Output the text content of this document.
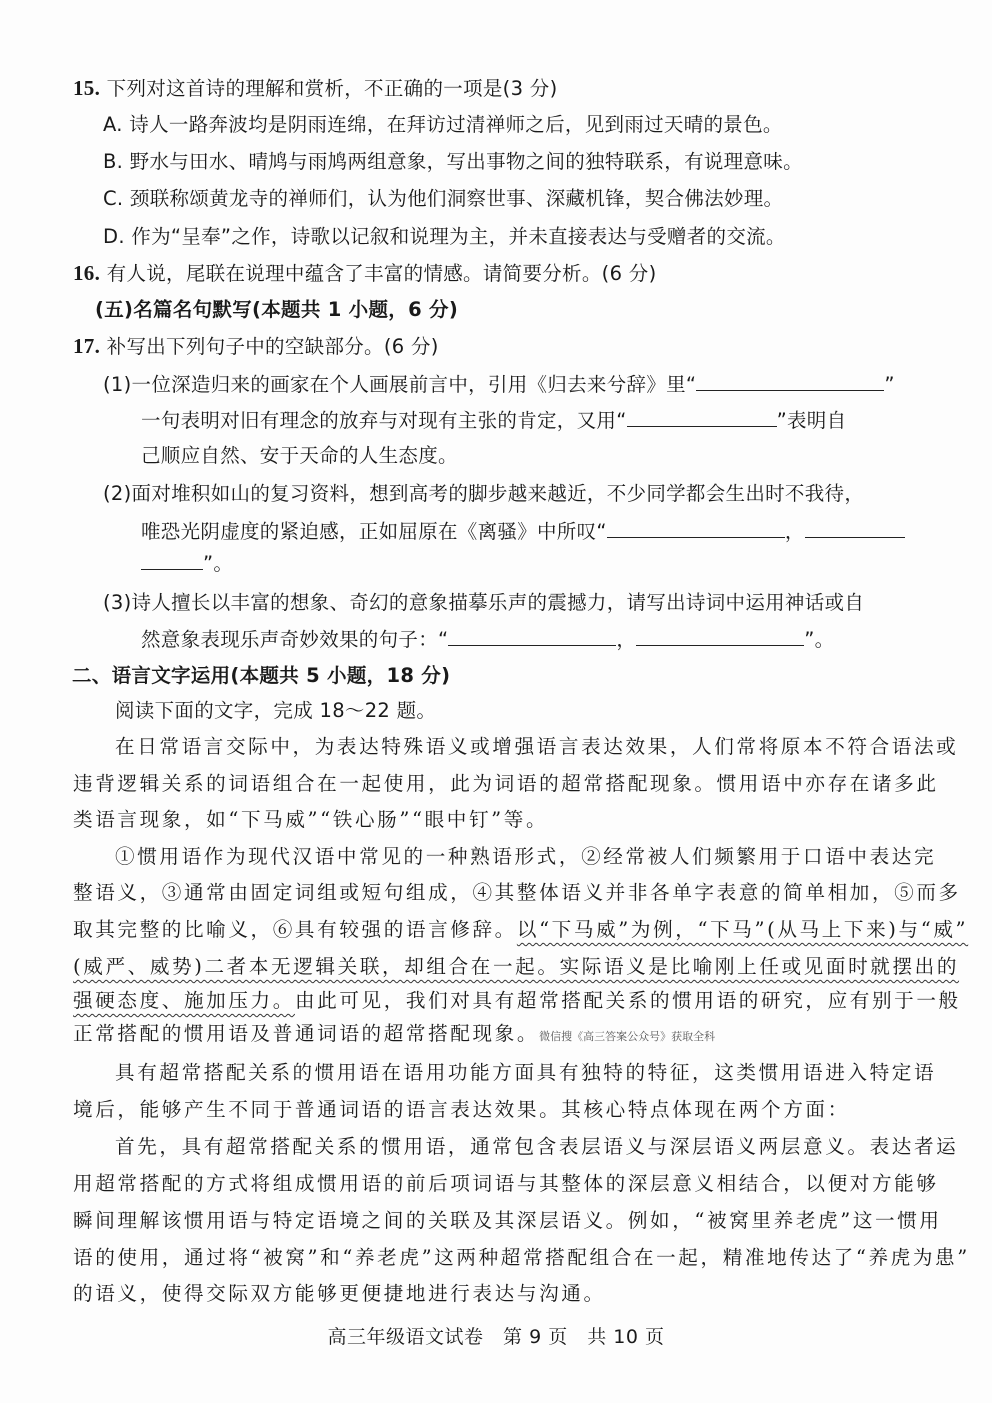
15. 下列对这首诗的理解和赏析，不正确的一项是(3 分)
A. 诗人一路奔波均是阴雨连绵，在拜访过清禅师之后，见到雨过天晴的景色。
B. 野水与田水、晴鸠与雨鸠两组意象，写出事物之间的独特联系，有说理意味。
C. 颈联称颂黄龙寺的禅师们，认为他们洞察世事、深藏机锋，契合佛法妙理。
D. 作为“呈奉”之作，诗歌以记叙和说理为主，并未直接表达与受赠者的交流。
16. 有人说，尾联在说理中蕴含了丰富的情感。请简要分析。(6 分)
(五)名篇名句默写(本题共 1 小题，6 分)
17. 补写出下列句子中的空缺部分。(6 分)
(1)一位深造归来的画家在个人画展前言中，引用《归去来兮辞》里“	”
一句表明对旧有理念的放弃与对现有主张的肯定，又用“	”表明自
己顺应自然、安于天命的人生态度。
(2)面对堆积如山的复习资料，想到高考的脚步越来越近，不少同学都会生出时不我待，
唯恐光阴虚度的紧迫感，正如屈原在《离骚》中所叹“	，
”。
(3)诗人擅长以丰富的想象、奇幻的意象描摹乐声的震撼力，请写出诗词中运用神话或自
然意象表现乐声奇妙效果的句子：“	，	”。
二、语言文字运用(本题共 5 小题，18 分)
阅读下面的文字，完成 18～22 题。
在日常语言交际中，为表达特殊语义或增强语言表达效果，人们常将原本不符合语法或
违背逻辑关系的词语组合在一起使用，此为词语的超常搭配现象。惯用语中亦存在诸多此
类语言现象，如“下马威”“铁心肠”“眼中钉”等。
①惯用语作为现代汉语中常见的一种熟语形式，②经常被人们频繁用于口语中表达完
整语义，③通常由固定词组或短句组成，④其整体语义并非各单字表意的简单相加，⑤而多
取其完整的比喻义，⑥具有较强的语言修辞。以“下马威”为例，“下马”(从马上下来)与“威”
(威严、威势)二者本无逻辑关联，却组合在一起。实际语义是比喻刚上任或见面时就摆出的
强硬态度、施加压力。由此可见，我们对具有超常搭配关系的惯用语的研究，应有别于一般
正常搭配的惯用语及普通词语的超常搭配现象。微信搜《高三答案公众号》获取全科
具有超常搭配关系的惯用语在语用功能方面具有独特的特征，这类惯用语进入特定语
境后，能够产生不同于普通词语的语言表达效果。其核心特点体现在两个方面：
首先，具有超常搭配关系的惯用语，通常包含表层语义与深层语义两层意义。表达者运
用超常搭配的方式将组成惯用语的前后项词语与其整体的深层意义相结合，以便对方能够
瞬间理解该惯用语与特定语境之间的关联及其深层语义。例如，“被窝里养老虎”这一惯用
语的使用，通过将“被窝”和“养老虎”这两种超常搭配组合在一起，精准地传达了“养虎为患”
的语义，使得交际双方能够更便捷地进行表达与沟通。
高三年级语文试卷　第 9 页　共 10 页
